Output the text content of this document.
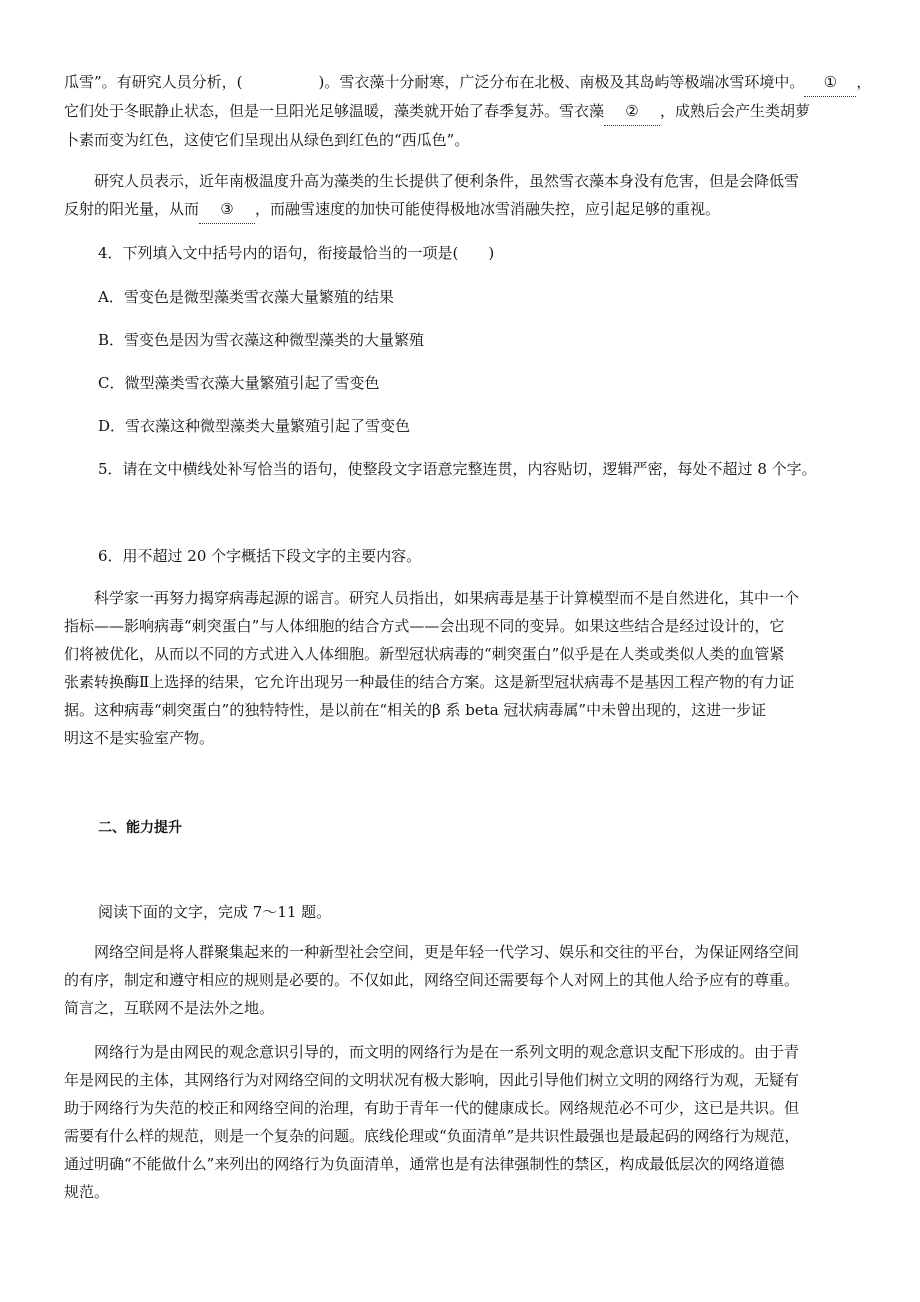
瓜雪”。有研究人员分析，(	)。雪衣藻十分耐寒，广泛分布在北极、南极及其岛屿等极端冰雪环境中。 ① ，
它们处于冬眠静止状态，但是一旦阳光足够温暖，藻类就开始了春季复苏。雪衣藻 ② ，成熟后会产生类胡萝
卜素而变为红色，这使它们呈现出从绿色到红色的“西瓜色”。
研究人员表示，近年南极温度升高为藻类的生长提供了便利条件，虽然雪衣藻本身没有危害，但是会降低雪
反射的阳光量，从而 ③ ，而融雪速度的加快可能使得极地冰雪消融失控，应引起足够的重视。

4．下列填入文中括号内的语句，衔接最恰当的一项是(　　)

A．雪变色是微型藻类雪衣藻大量繁殖的结果

B．雪变色是因为雪衣藻这种微型藻类的大量繁殖

C．微型藻类雪衣藻大量繁殖引起了雪变色

D．雪衣藻这种微型藻类大量繁殖引起了雪变色

5．请在文中横线处补写恰当的语句，使整段文字语意完整连贯，内容贴切，逻辑严密，每处不超过 8 个字。

6．用不超过 20 个字概括下段文字的主要内容。

科学家一再努力揭穿病毒起源的谣言。研究人员指出，如果病毒是基于计算模型而不是自然进化，其中一个
指标——影响病毒“刺突蛋白”与人体细胞的结合方式——会出现不同的变异。如果这些结合是经过设计的，它
们将被优化，从而以不同的方式进入人体细胞。新型冠状病毒的“刺突蛋白”似乎是在人类或类似人类的血管紧
张素转换酶Ⅱ上选择的结果，它允许出现另一种最佳的结合方案。这是新型冠状病毒不是基因工程产物的有力证
据。这种病毒“刺突蛋白”的独特特性，是以前在“相关的β 系 beta 冠状病毒属”中未曾出现的，这进一步证
明这不是实验室产物。

二、能力提升

阅读下面的文字，完成 7～11 题。

网络空间是将人群聚集起来的一种新型社会空间，更是年轻一代学习、娱乐和交往的平台，为保证网络空间
的有序，制定和遵守相应的规则是必要的。不仅如此，网络空间还需要每个人对网上的其他人给予应有的尊重。
简言之，互联网不是法外之地。
网络行为是由网民的观念意识引导的，而文明的网络行为是在一系列文明的观念意识支配下形成的。由于青
年是网民的主体，其网络行为对网络空间的文明状况有极大影响，因此引导他们树立文明的网络行为观，无疑有
助于网络行为失范的校正和网络空间的治理，有助于青年一代的健康成长。网络规范必不可少，这已是共识。但
需要有什么样的规范，则是一个复杂的问题。底线伦理或“负面清单”是共识性最强也是最起码的网络行为规范，
通过明确“不能做什么”来列出的网络行为负面清单，通常也是有法律强制性的禁区，构成最低层次的网络道德
规范。
